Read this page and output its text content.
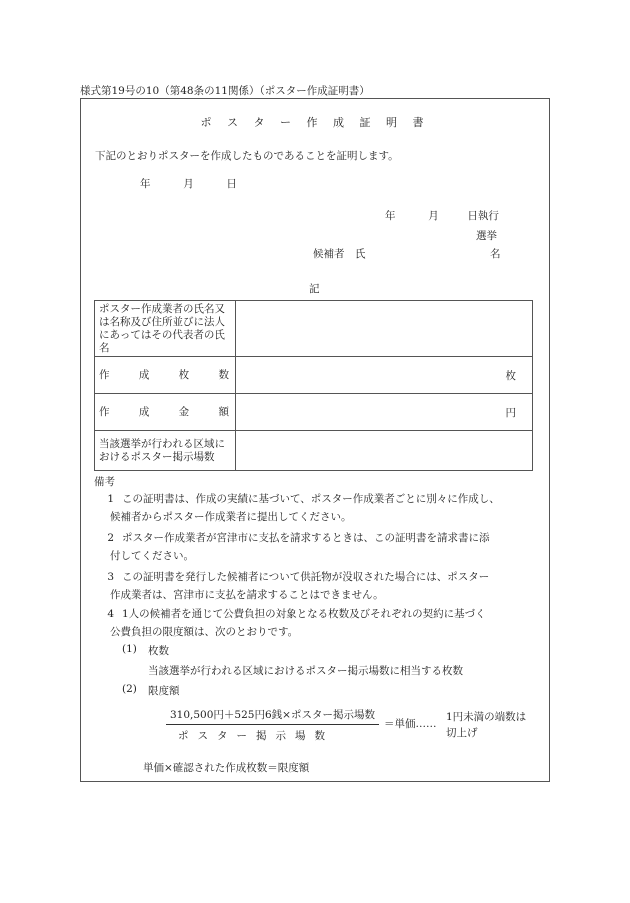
様式第19号の10（第48条の11関係）（ポスター作成証明書）
ポ ス タ ー 作 成 証 明 書
下記のとおりポスターを作成したものであることを証明します。
年	月	日
年	月	日執行
選挙
候補者　氏	名
記
ポスター作成業者の氏名又は名称及び住所並びに法人にあってはその代表者の氏名	

作 成 枚 数	枚

作 成 金 額	円
当該選挙が行われる区域におけるポスター掲示場数	
備考
1 この証明書は、作成の実績に基づいて、ポスター作成業者ごとに別々に作成し、
候補者からポスター作成業者に提出してください。
2 ポスター作成業者が宮津市に支払を請求するときは、この証明書を請求書に添
付してください。
3 この証明書を発行した候補者について供託物が没収された場合には、ポスター
作成業者は、宮津市に支払を請求することはできません。
4 1人の候補者を通じて公費負担の対象となる枚数及びそれぞれの契約に基づく
公費負担の限度額は、次のとおりです。
(1) 枚数
当該選挙が行われる区域におけるポスター掲示場数に相当する枚数
(2) 限度額
310,500円＋525円6銭×ポスター掲示場数
ポスター掲示場数
＝単価……
1円未満の端数は
切上げ
単価×確認された作成枚数＝限度額
